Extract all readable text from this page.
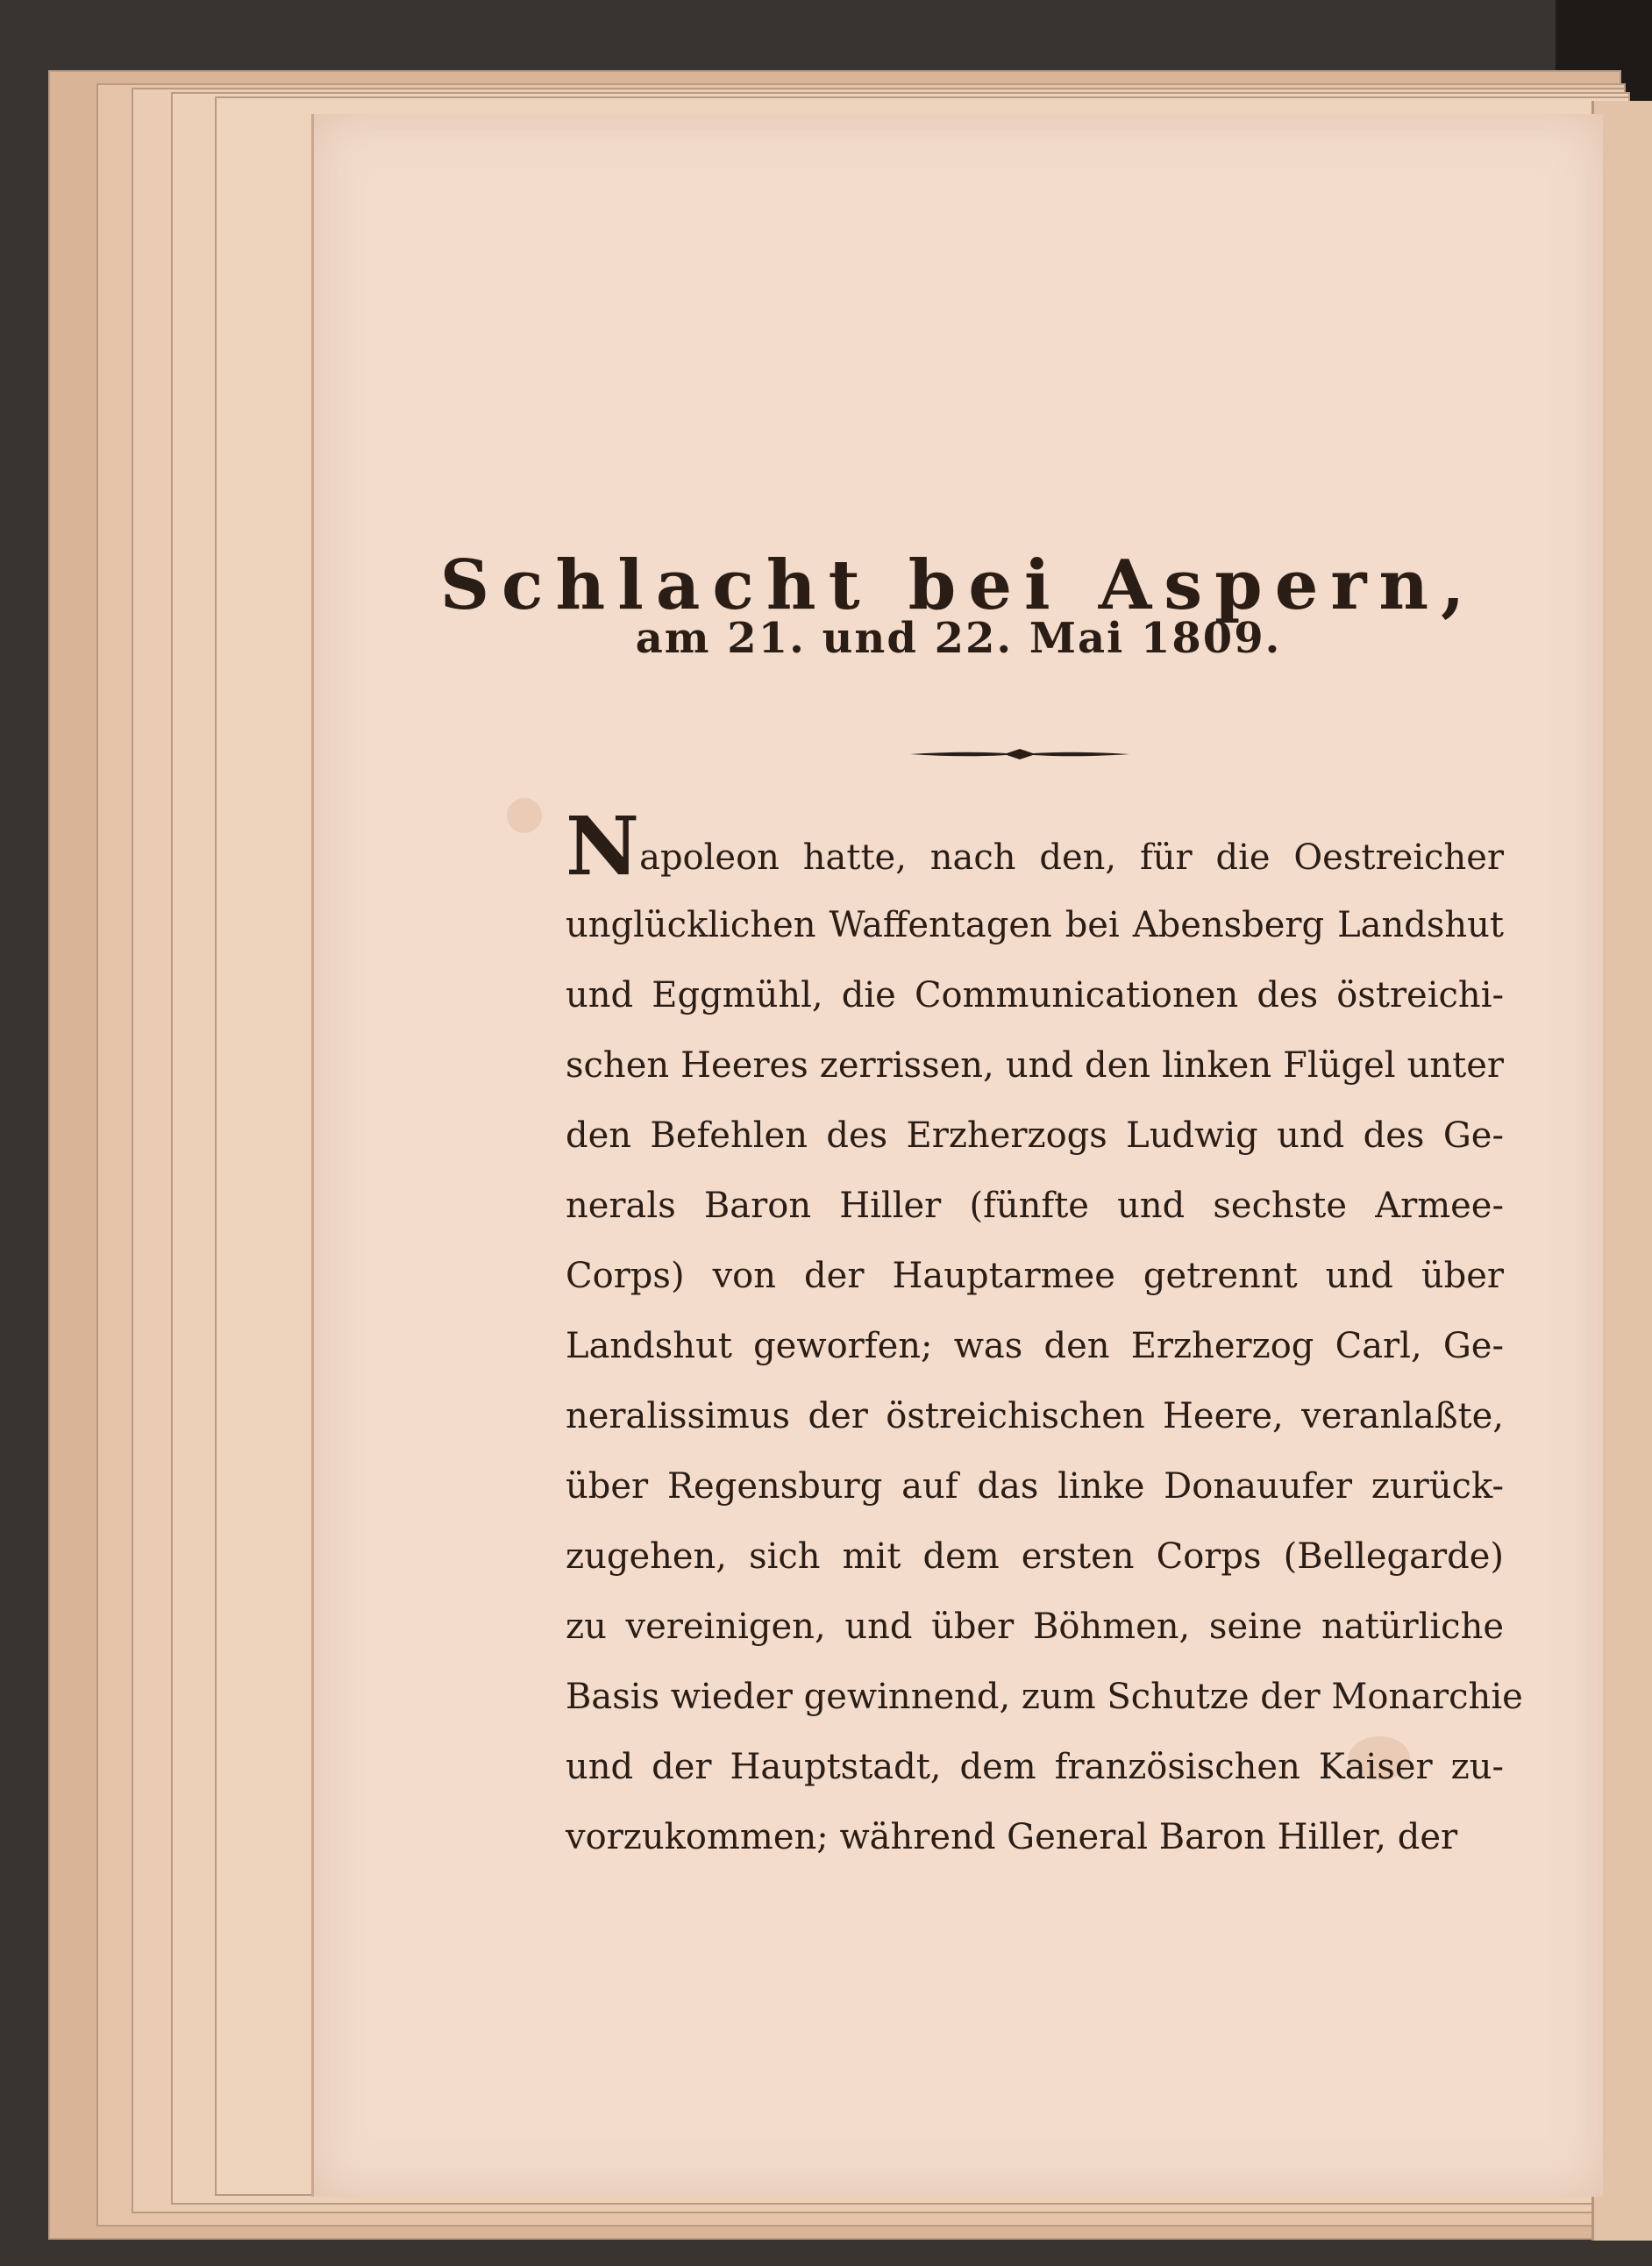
Schlacht bei Aspern,
am 21. und 22. Mai 1809.
Napoleon hatte, nach den, für die Oestreicher
unglücklichen Waffentagen bei Abensberg Landshut
und Eggmühl, die Communicationen des östreichi-
schen Heeres zerrissen, und den linken Flügel unter
den Befehlen des Erzherzogs Ludwig und des Ge-
nerals Baron Hiller (fünfte und sechste Armee-
Corps) von der Hauptarmee getrennt und über
Landshut geworfen; was den Erzherzog Carl, Ge-
neralissimus der östreichischen Heere, veranlaßte,
über Regensburg auf das linke Donauufer zurück-
zugehen, sich mit dem ersten Corps (Bellegarde)
zu vereinigen, und über Böhmen, seine natürliche
Basis wieder gewinnend, zum Schutze der Monarchie
und der Hauptstadt, dem französischen Kaiser zu-
vorzukommen; während General Baron Hiller, der
